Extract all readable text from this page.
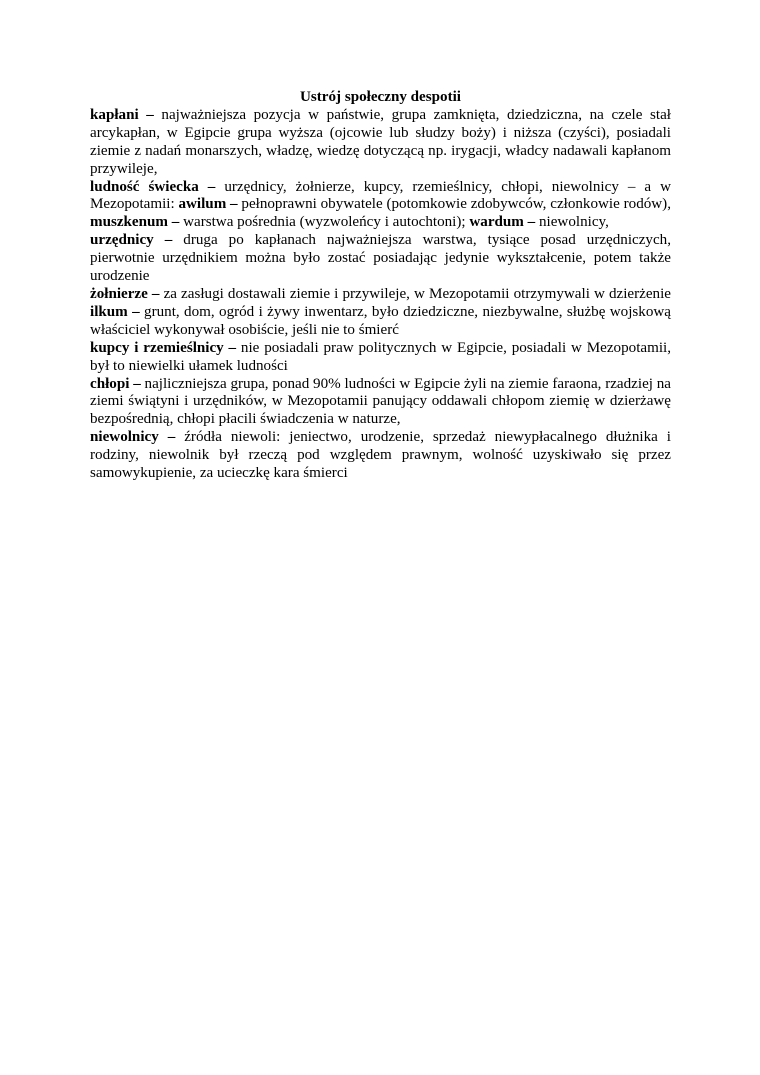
Ustrój społeczny despotii

kapłani – najważniejsza pozycja w państwie, grupa zamknięta, dziedziczna, na czele stał arcykapłan, w Egipcie grupa wyższa (ojcowie lub słudzy boży) i niższa (czyści), posiadali ziemie z nadań monarszych, władzę, wiedzę dotyczącą np. irygacji, władcy nadawali kapłanom przywileje,

ludność świecka – urzędnicy, żołnierze, kupcy, rzemieślnicy, chłopi, niewolnicy – a w Mezopotamii: awilum – pełnoprawni obywatele (potomkowie zdobywców, członkowie rodów), muszkenum – warstwa pośrednia (wyzwoleńcy i autochtoni); wardum – niewolnicy,

urzędnicy – druga po kapłanach najważniejsza warstwa, tysiące posad urzędniczych, pierwotnie urzędnikiem można było zostać posiadając jedynie wykształcenie, potem także urodzenie

żołnierze – za zasługi dostawali ziemie i przywileje, w Mezopotamii otrzymywali w dzierżenie ilkum – grunt, dom, ogród i żywy inwentarz, było dziedziczne, niezbywalne, służbę wojskową właściciel wykonywał osobiście, jeśli nie to śmierć

kupcy i rzemieślnicy – nie posiadali praw politycznych w Egipcie, posiadali w Mezopotamii, był to niewielki ułamek ludności

chłopi – najliczniejsza grupa, ponad 90% ludności w Egipcie żyli na ziemie faraona, rzadziej na ziemi świątyni i urzędników, w Mezopotamii panujący oddawali chłopom ziemię w dzierżawę bezpośrednią, chłopi płacili świadczenia w naturze,

niewolnicy – źródła niewoli: jeniectwo, urodzenie, sprzedaż niewypłacalnego dłużnika i rodziny, niewolnik był rzeczą pod względem prawnym, wolność uzyskiwało się przez samowykupienie, za ucieczkę kara śmierci
